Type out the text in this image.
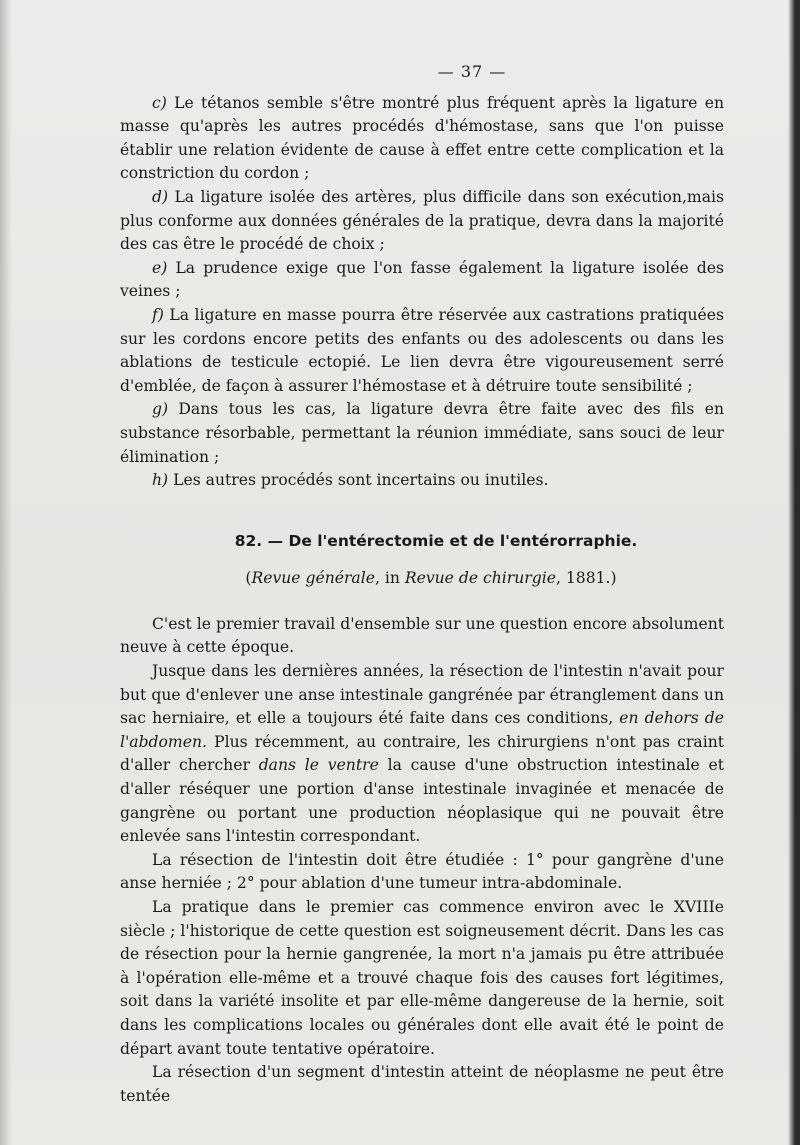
— 37 —

c) Le tétanos semble s'être montré plus fréquent après la ligature en masse qu'après les autres procédés d'hémostase, sans que l'on puisse établir une relation évidente de cause à effet entre cette complication et la constriction du cordon ;

d) La ligature isolée des artères, plus difficile dans son exécution,mais plus conforme aux données générales de la pratique, devra dans la majorité des cas être le procédé de choix ;

e) La prudence exige que l'on fasse également la ligature isolée des veines ;

f) La ligature en masse pourra être réservée aux castrations pratiquées sur les cordons encore petits des enfants ou des adolescents ou dans les ablations de testicule ectopié. Le lien devra être vigoureusement serré d'emblée, de façon à assurer l'hémostase et à détruire toute sensibilité ;

g) Dans tous les cas, la ligature devra être faite avec des fils en substance résorbable, permettant la réunion immédiate, sans souci de leur élimination ;

h) Les autres procédés sont incertains ou inutiles.

82. — De l'entérectomie et de l'entérorraphie.
(Revue générale, in Revue de chirurgie, 1881.)

C'est le premier travail d'ensemble sur une question encore absolument neuve à cette époque.

Jusque dans les dernières années, la résection de l'intestin n'avait pour but que d'enlever une anse intestinale gangrénée par étranglement dans un sac herniaire, et elle a toujours été faite dans ces conditions, en dehors de l'abdomen. Plus récemment, au contraire, les chirurgiens n'ont pas craint d'aller chercher dans le ventre la cause d'une obstruction intestinale et d'aller réséquer une portion d'anse intestinale invaginée et menacée de gangrène ou portant une production néoplasique qui ne pouvait être enlevée sans l'intestin correspondant.

La résection de l'intestin doit être étudiée : 1° pour gangrène d'une anse herniée ; 2° pour ablation d'une tumeur intra-abdominale.

La pratique dans le premier cas commence environ avec le XVIIIe siècle ; l'historique de cette question est soigneusement décrit. Dans les cas de résection pour la hernie gangrenée, la mort n'a jamais pu être attribuée à l'opération elle-même et a trouvé chaque fois des causes fort légitimes, soit dans la variété insolite et par elle-même dangereuse de la hernie, soit dans les complications locales ou générales dont elle avait été le point de départ avant toute tentative opératoire.

La résection d'un segment d'intestin atteint de néoplasme ne peut être tentée
